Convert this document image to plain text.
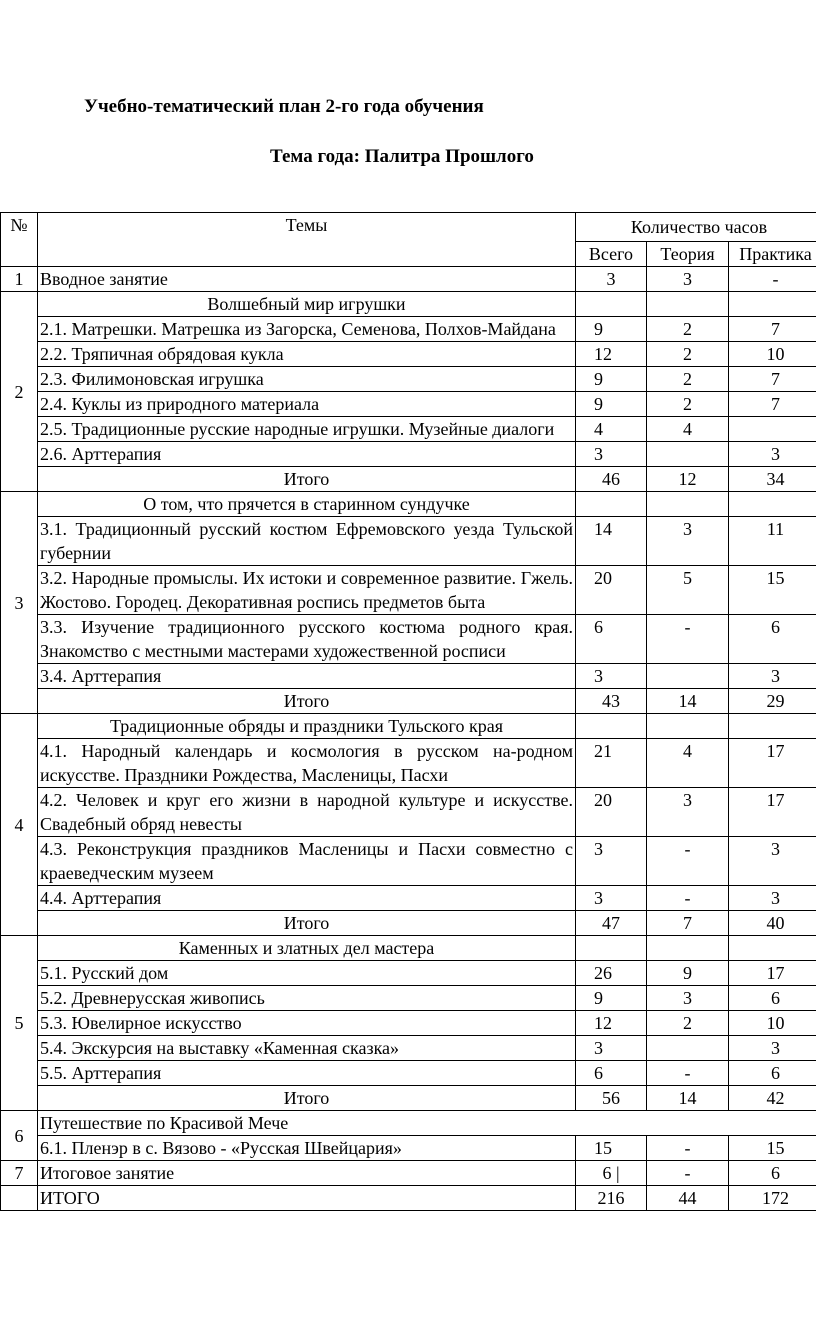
Учебно-тематический план 2-го года обучения
Тема года: Палитра Прошлого
№	Темы	Количество часов		
		Всего	Теория	Практика
1	Вводное занятие	3	3	-
2	Волшебный мир игрушки			
	2.1. Матрешки. Матрешка из Загорска, Семенова, Полхов-Майдана	9	2	7
	2.2. Тряпичная обрядовая кукла	12	2	10
	2.3. Филимоновская игрушка	9	2	7
	2.4. Куклы из природного материала	9	2	7
	2.5. Традиционные русские народные игрушки. Музейные диалоги	4	4	
	2.6. Арттерапия	3		3
	Итого	46	12	34
3	О том, что прячется в старинном сундучке			
	3.1. Традиционный русский костюм Ефремовского уезда Тульской губернии	14	3	11
	3.2. Народные промыслы. Их истоки и современное развитие. Гжель. Жостово. Городец. Декоративная роспись предметов быта	20	5	15
	3.3. Изучение традиционного русского костюма родного края. Знакомство с местными мастерами художественной росписи	6	-	6
	3.4. Арттерапия	3		3
	Итого	43	14	29
4	Традиционные обряды и праздники Тульского края			
	4.1. Народный календарь и космология в русском на-родном искусстве. Праздники Рождества, Масленицы, Пасхи	21	4	17
	4.2. Человек и круг его жизни в народной культуре и искусстве. Свадебный обряд невесты	20	3	17
	4.3. Реконструкция праздников Масленицы и Пасхи совместно с краеведческим музеем	3	-	3
	4.4. Арттерапия	3	-	3
	Итого	47	7	40
5	Каменных и златных дел мастера			
	5.1. Русский дом	26	9	17
	5.2. Древнерусская живопись	9	3	6
	5.3. Ювелирное искусство	12	2	10
	5.4. Экскурсия на выставку «Каменная сказка»	3		3
	5.5. Арттерапия	6	-	6
	Итого	56	14	42
6	Путешествие по Красивой Мече			
	6.1. Пленэр в с. Вязово - «Русская Швейцария»	15	-	15
7	Итоговое занятие	6 |	-	6
	ИТОГО	216	44	172
